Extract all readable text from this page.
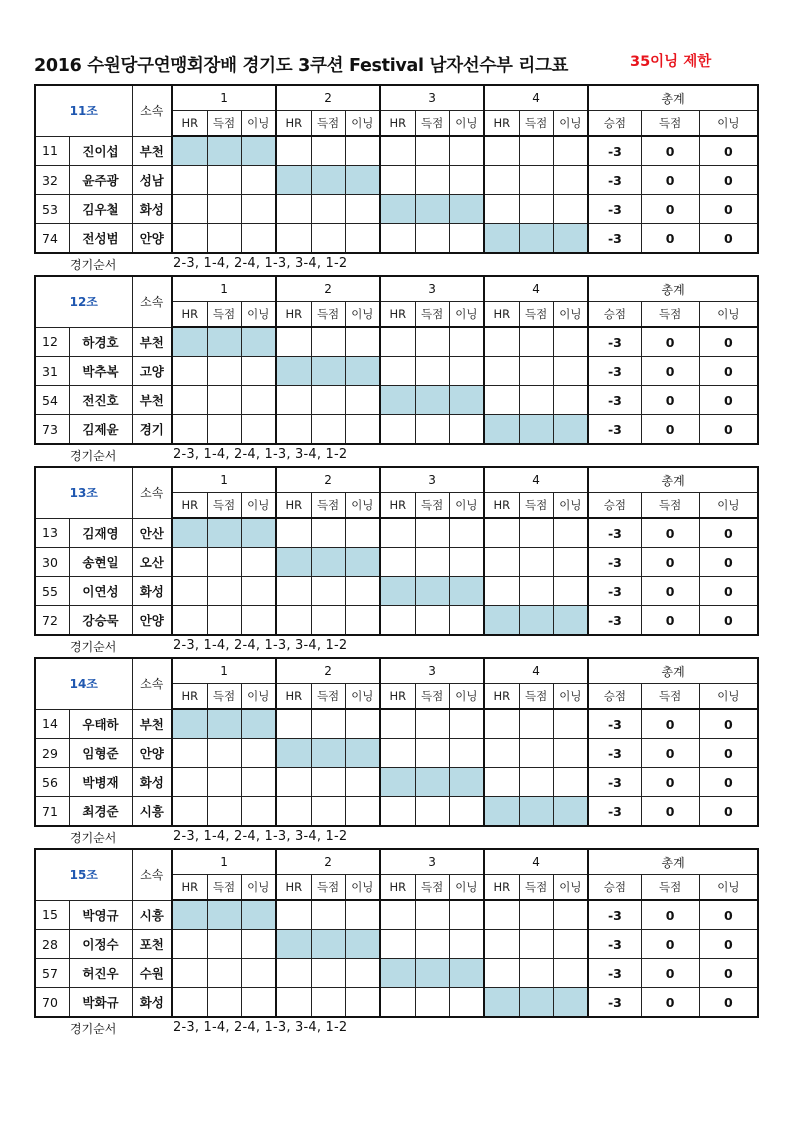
2016 수원당구연맹회장배 경기도 3쿠션 Festival 남자선수부 리그표	35이닝 제한
11조		소속	1			2			3			4			총계		
			HR	득점	이닝	HR	득점	이닝	HR	득점	이닝	HR	득점	이닝	승점	득점	이닝
11	진이섭	부천													-3	0	0
32	윤주광	성남													-3	0	0
53	김우철	화성													-3	0	0
74	전성범	안양													-3	0	0
경기순서	2-3, 1-4, 2-4, 1-3, 3-4, 1-2
12조		소속	1			2			3			4			총계		
			HR	득점	이닝	HR	득점	이닝	HR	득점	이닝	HR	득점	이닝	승점	득점	이닝
12	하경호	부천													-3	0	0
31	박추복	고양													-3	0	0
54	전진호	부천													-3	0	0
73	김제윤	경기													-3	0	0
경기순서	2-3, 1-4, 2-4, 1-3, 3-4, 1-2
13조		소속	1			2			3			4			총계		
			HR	득점	이닝	HR	득점	이닝	HR	득점	이닝	HR	득점	이닝	승점	득점	이닝
13	김재영	안산													-3	0	0
30	송현일	오산													-3	0	0
55	이연성	화성													-3	0	0
72	강승묵	안양													-3	0	0
경기순서	2-3, 1-4, 2-4, 1-3, 3-4, 1-2
14조		소속	1			2			3			4			총계		
			HR	득점	이닝	HR	득점	이닝	HR	득점	이닝	HR	득점	이닝	승점	득점	이닝
14	우태하	부천													-3	0	0
29	임형준	안양													-3	0	0
56	박병재	화성													-3	0	0
71	최경준	시흥													-3	0	0
경기순서	2-3, 1-4, 2-4, 1-3, 3-4, 1-2
15조		소속	1			2			3			4			총계		
			HR	득점	이닝	HR	득점	이닝	HR	득점	이닝	HR	득점	이닝	승점	득점	이닝
15	박영규	시흥													-3	0	0
28	이정수	포천													-3	0	0
57	허진우	수원													-3	0	0
70	박화규	화성													-3	0	0
경기순서	2-3, 1-4, 2-4, 1-3, 3-4, 1-2
